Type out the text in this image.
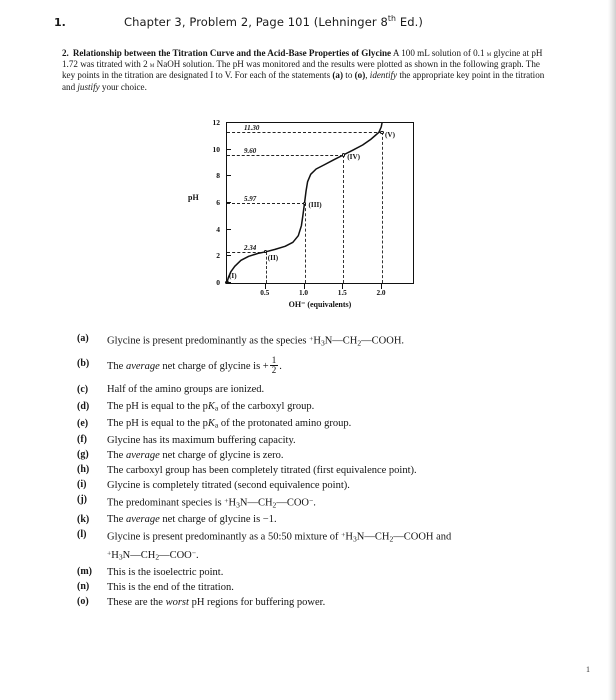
1.	Chapter 3, Problem 2, Page 101 (Lehninger 8th Ed.)
2. Relationship between the Titration Curve and the Acid-Base Properties of Glycine A 100 mL solution of 0.1 m glycine at pH 1.72 was titrated with 2 m NaOH solution. The pH was monitored and the results were plotted as shown in the following graph. The key points in the titration are designated I to V. For each of the statements (a) to (o), identify the appropriate key point in the titration and justify your choice.
pH
(I)
(II)
2.34
(III)
5.97
(IV)
9.60
(V)
11.30
0
2
4
6
8
10
12
0.5	1.0	1.5	2.0
OH⁻ (equivalents)
(a)	Glycine is present predominantly as the species $^+H_3N—CH_2—COOH$.
(b)	The average net charge of glycine is + $\frac{1}{2}$ .
(c)	Half of the amino groups are ionized.
(d)	The pH is equal to the $pK_a$ of the carboxyl group.
(e)	The pH is equal to the $pK_a$ of the protonated amino group.
(f)	Glycine has its maximum buffering capacity.
(g)	The average net charge of glycine is zero.
(h)	The carboxyl group has been completely titrated (first equivalence point).
(i)	Glycine is completely titrated (second equivalence point).
(j)	The predominant species is $^+H_3N—CH_2—COO^-$.
(k)	The average net charge of glycine is −1.
(l)	Glycine is present predominantly as a 50:50 mixture of $^+H_3N—CH_2—COOH$ and
$^+H_3N—CH_2—COO^-$.
(m)	This is the isoelectric point.
(n)	This is the end of the titration.
(o)	These are the worst pH regions for buffering power.
1
